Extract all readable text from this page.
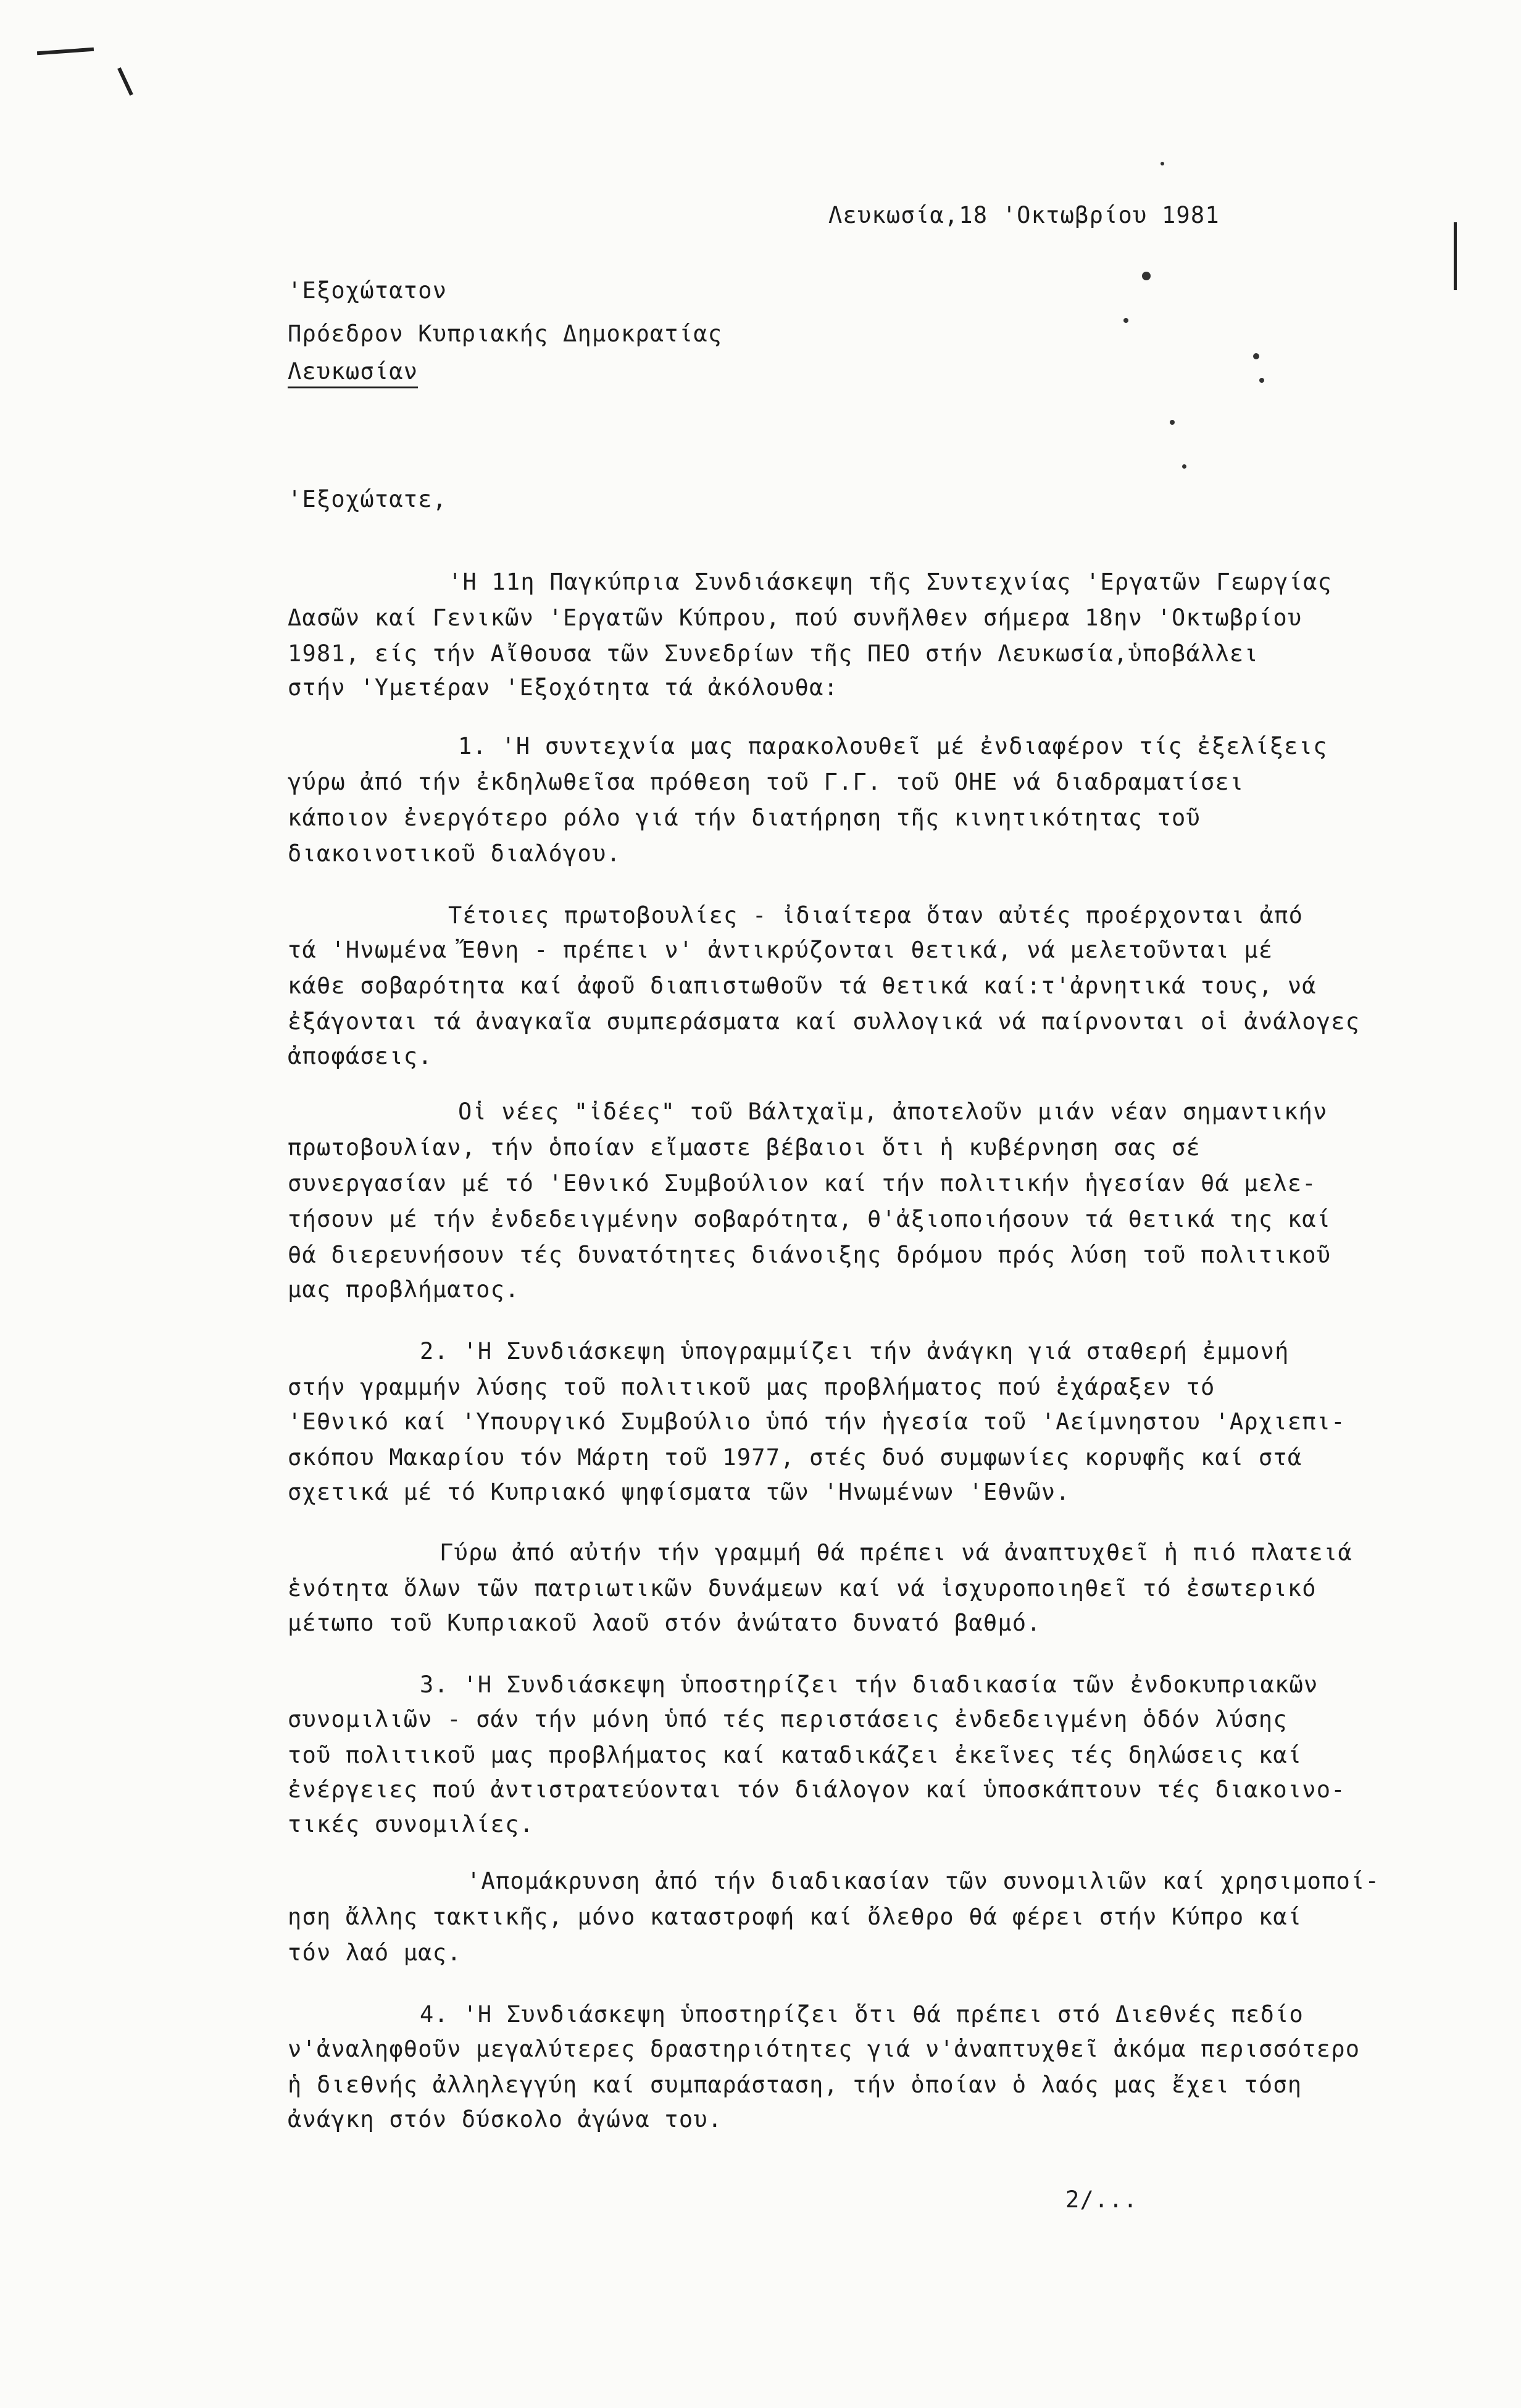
Λευκωσία,18 'Οκτωβρίου 1981
'Εξοχώτατον
Πρόεδρον Κυπριακής Δημοκρατίας
Λευκωσίαν
'Εξοχώτατε,
'Η 11η Παγκύπρια Συνδιάσκεψη τῆς Συντεχνίας 'Εργατῶν Γεωργίας
Δασῶν καί Γενικῶν 'Εργατῶν Κύπρου, πού συνῆλθεν σήμερα 18ην 'Οκτωβρίου
1981, είς τήν Αἴθουσα τῶν Συνεδρίων τῆς ΠΕΟ στήν Λευκωσία,ὑποβάλλει
στήν 'Υμετέραν 'Εξοχότητα τά ἀκόλουθα:
1. 'Η συντεχνία μας παρακολουθεῖ μέ ἐνδιαφέρον τίς ἐξελίξεις
γύρω ἀπό τήν ἐκδηλωθεῖσα πρόθεση τοῦ Γ.Γ. τοῦ ΟΗΕ νά διαδραματίσει
κάποιον ἐνεργότερο ρόλο γιά τήν διατήρηση τῆς κινητικότητας τοῦ
διακοινοτικοῦ διαλόγου.
Τέτοιες πρωτοβουλίες - ἰδιαίτερα ὅταν αὐτές προέρχονται ἀπό
τά 'Ηνωμένα Ἔθνη - πρέπει ν' ἀντικρύζονται θετικά, νά μελετοῦνται μέ
κάθε σοβαρότητα καί ἀφοῦ διαπιστωθοῦν τά θετικά καί:τ'ἀρνητικά τους, νά
ἐξάγονται τά ἀναγκαῖα συμπεράσματα καί συλλογικά νά παίρνονται οἱ ἀνάλογες
ἀποφάσεις.
Οἱ νέες "ἰδέες" τοῦ Βάλτχαϊμ, ἀποτελοῦν μιάν νέαν σημαντικήν
πρωτοβουλίαν, τήν ὁποίαν εἴμαστε βέβαιοι ὅτι ἡ κυβέρνηση σας σέ
συνεργασίαν μέ τό 'Εθνικό Συμβούλιον καί τήν πολιτικήν ἡγεσίαν θά μελε-
τήσουν μέ τήν ἐνδεδειγμένην σοβαρότητα, θ'ἀξιοποιήσουν τά θετικά της καί
θά διερευνήσουν τές δυνατότητες διάνοιξης δρόμου πρός λύση τοῦ πολιτικοῦ
μας προβλήματος.
2. 'Η Συνδιάσκεψη ὑπογραμμίζει τήν ἀνάγκη γιά σταθερή ἐμμονή
στήν γραμμήν λύσης τοῦ πολιτικοῦ μας προβλήματος πού ἐχάραξεν τό
'Εθνικό καί 'Υπουργικό Συμβούλιο ὑπό τήν ἡγεσία τοῦ 'Αείμνηστου 'Αρχιεπι-
σκόπου Μακαρίου τόν Μάρτη τοῦ 1977, στές δυό συμφωνίες κορυφῆς καί στά
σχετικά μέ τό Κυπριακό ψηφίσματα τῶν 'Ηνωμένων 'Εθνῶν.
Γύρω ἀπό αὐτήν τήν γραμμή θά πρέπει νά ἀναπτυχθεῖ ἡ πιό πλατειά
ἑνότητα ὅλων τῶν πατριωτικῶν δυνάμεων καί νά ἰσχυροποιηθεῖ τό ἐσωτερικό
μέτωπο τοῦ Κυπριακοῦ λαοῦ στόν ἀνώτατο δυνατό βαθμό.
3. 'Η Συνδιάσκεψη ὑποστηρίζει τήν διαδικασία τῶν ἐνδοκυπριακῶν
συνομιλιῶν - σάν τήν μόνη ὑπό τές περιστάσεις ἐνδεδειγμένη ὁδόν λύσης
τοῦ πολιτικοῦ μας προβλήματος καί καταδικάζει ἐκεῖνες τές δηλώσεις καί
ἐνέργειες πού ἀντιστρατεύονται τόν διάλογον καί ὑποσκάπτουν τές διακοινο-
τικές συνομιλίες.
'Απομάκρυνση ἀπό τήν διαδικασίαν τῶν συνομιλιῶν καί χρησιμοποί-
ηση ἄλλης τακτικῆς, μόνο καταστροφή καί ὄλεθρο θά φέρει στήν Κύπρο καί
τόν λαό μας.
4. 'Η Συνδιάσκεψη ὑποστηρίζει ὅτι θά πρέπει στό Διεθνές πεδίο
ν'ἀναληφθοῦν μεγαλύτερες δραστηριότητες γιά ν'ἀναπτυχθεῖ ἀκόμα περισσότερο
ἡ διεθνής ἀλληλεγγύη καί συμπαράσταση, τήν ὁποίαν ὁ λαός μας ἔχει τόση
ἀνάγκη στόν δύσκολο ἀγώνα του.
2/...
